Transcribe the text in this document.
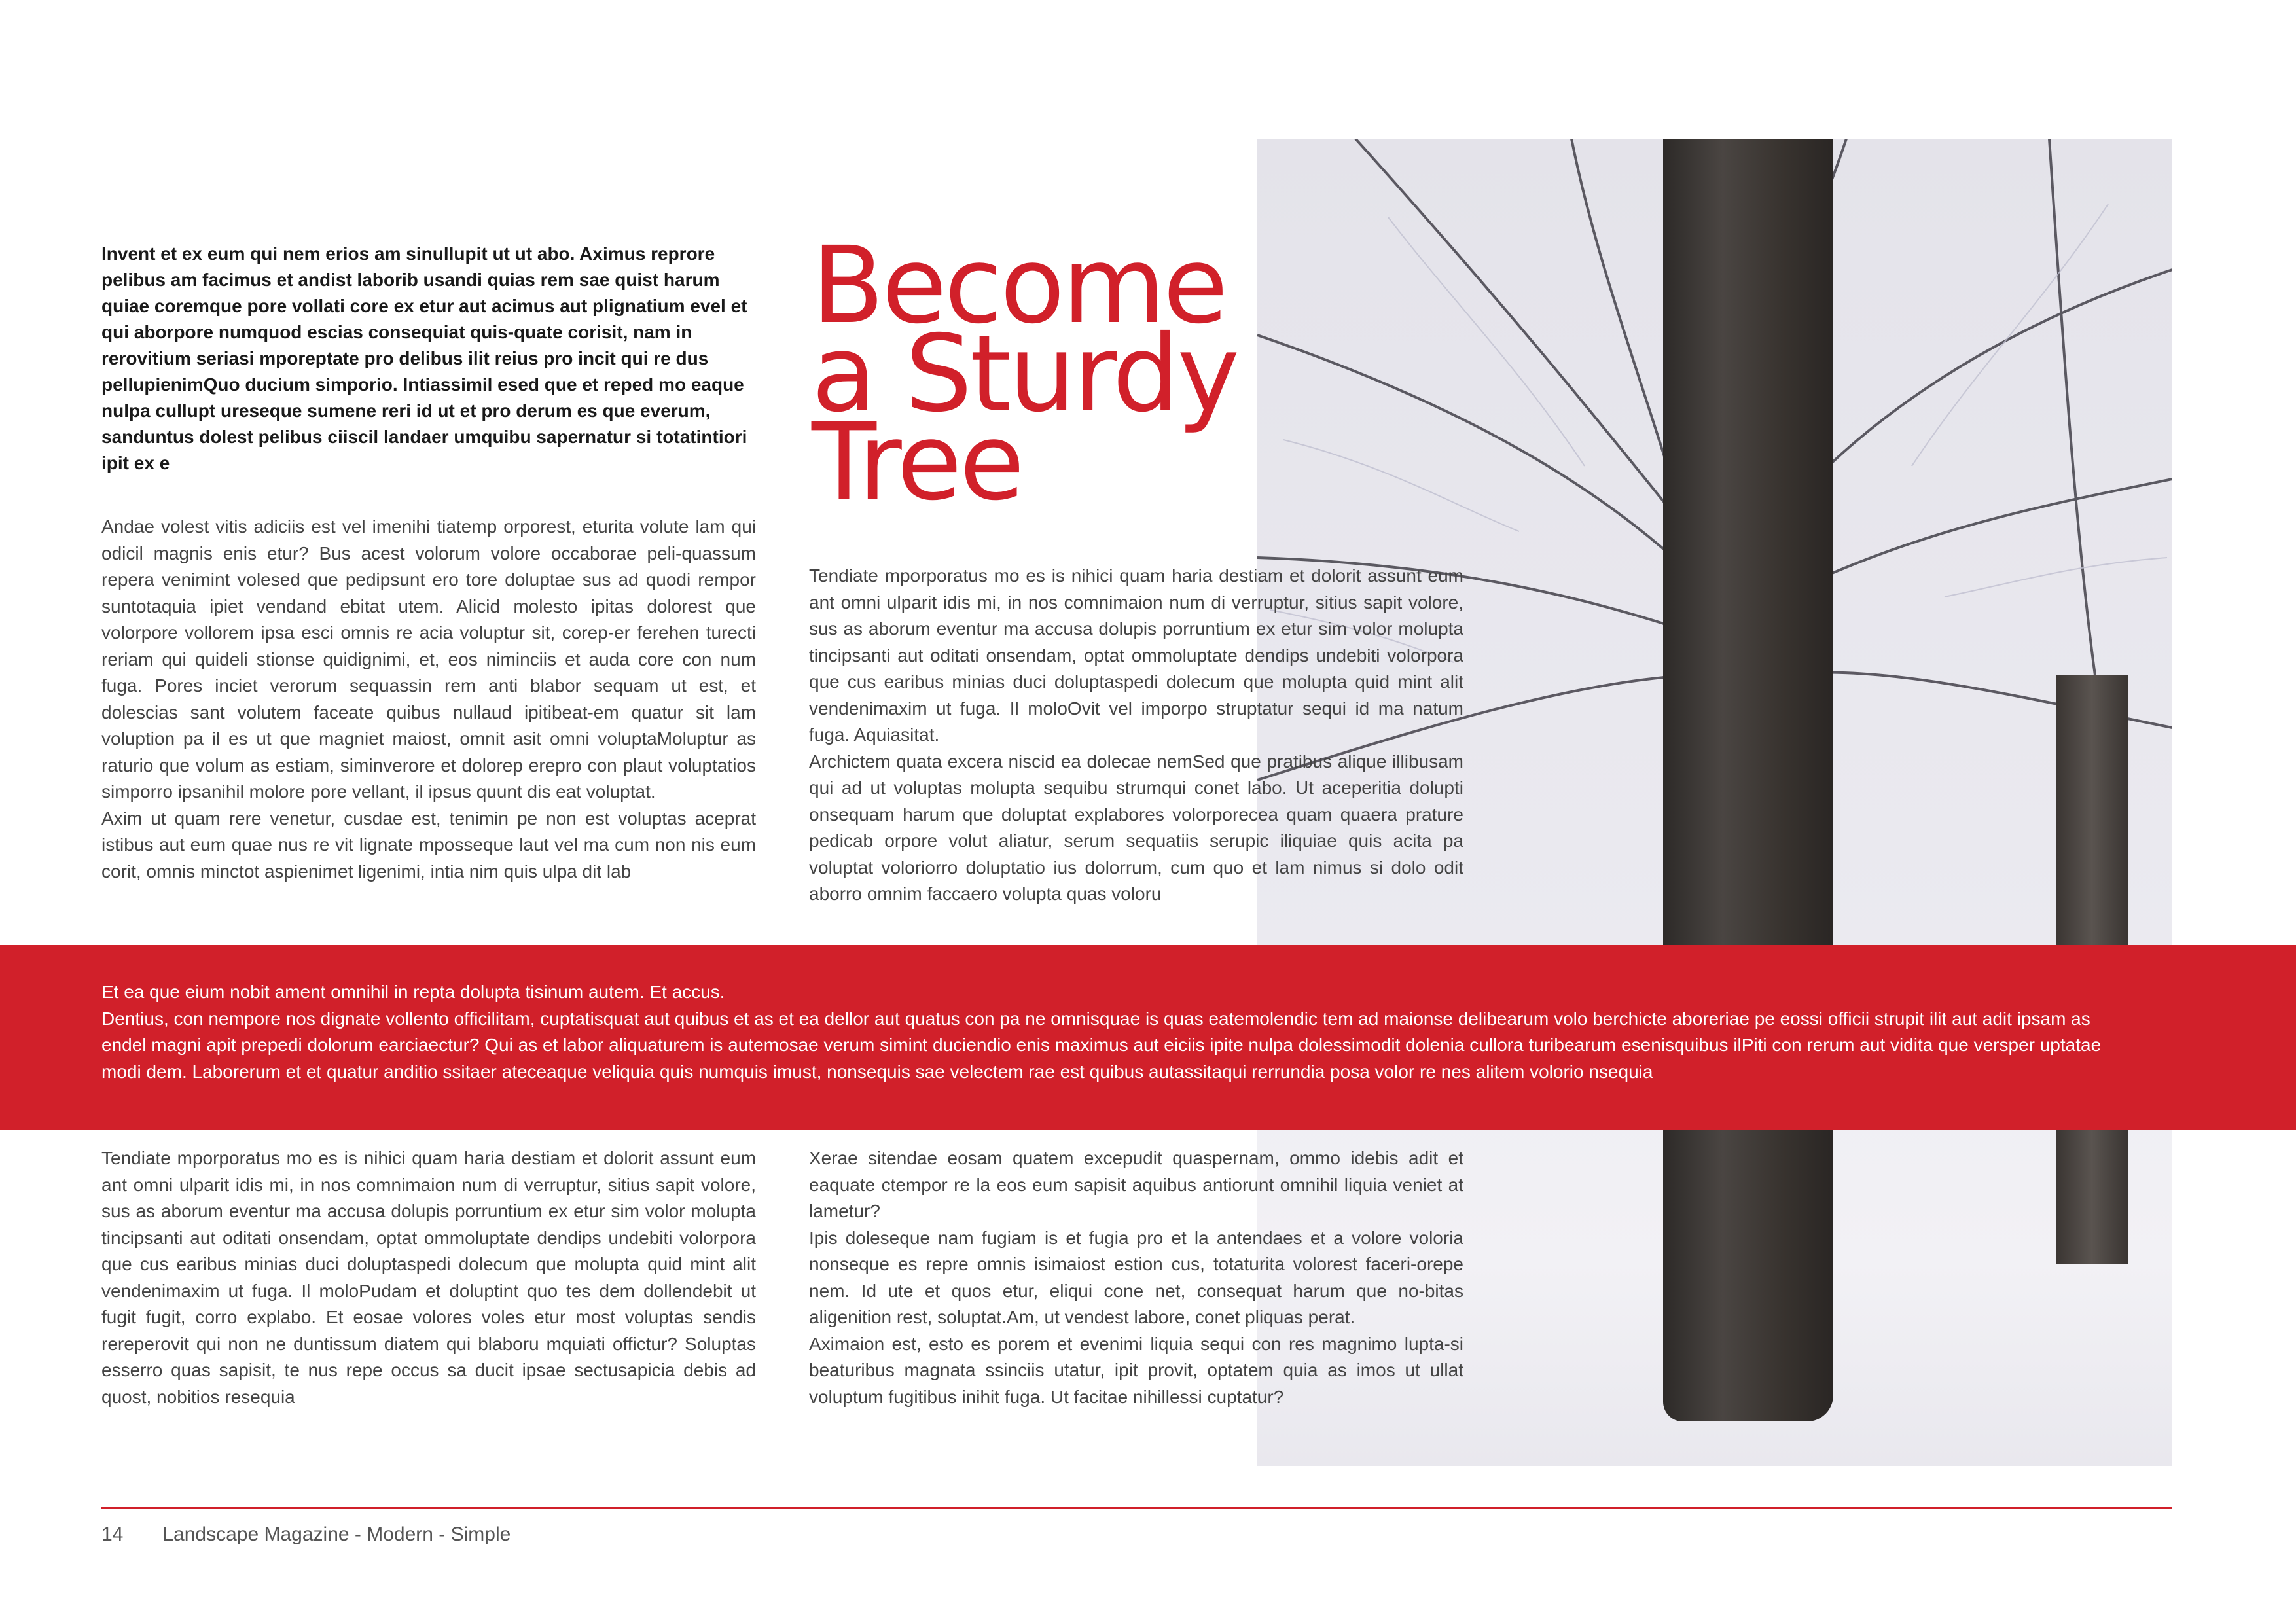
Invent et ex eum qui nem erios am sinullupit ut ut abo. Aximus reprore pelibus am facimus et andist laborib usandi quias rem sae quist harum quiae coremque pore vollati core ex etur aut acimus aut plignatium evel et qui aborpore numquod escias consequiat quis-quate corisit, nam in rerovitium seriasi mporeptate pro delibus ilit reius pro incit qui re dus pellupienimQuo ducium simporio. Intiassimil esed que et reped mo eaque nulpa cullupt ureseque sumene reri id ut et pro derum es que everum, sanduntus dolest pelibus ciiscil landaer umquibu sapernatur si totatintiori ipit ex e
Become
a Sturdy
Tree

Andae volest vitis adiciis est vel imenihi tiatemp orporest, eturita volute lam qui odicil magnis enis etur? Bus acest volorum volore occaborae peli-quassum repera venimint volesed que pedipsunt ero tore doluptae sus ad quodi rempor suntotaquia ipiet vendand ebitat utem. Alicid molesto ipitas dolorest que volorpore vollorem ipsa esci omnis re acia voluptur sit, corep-er ferehen turecti reriam qui quideli stionse quidignimi, et, eos niminciis et auda core con num fuga. Pores inciet verorum sequassin rem anti blabor sequam ut est, et dolescias sant volutem faceate quibus nullaud ipitibeat-em quatur sit lam voluption pa il es ut que magniet maiost, omnit asit omni voluptaMoluptur as raturio que volum as estiam, siminverore et dolorep erepro con plaut voluptatios simporro ipsanihil molore pore vellant, il ipsus quunt dis eat voluptat.

Axim ut quam rere venetur, cusdae est, tenimin pe non est voluptas aceprat istibus aut eum quae nus re vit lignate mposseque laut vel ma cum non nis eum corit, omnis minctot aspienimet ligenimi, intia nim quis ulpa dit lab

Tendiate mporporatus mo es is nihici quam haria destiam et dolorit assunt eum ant omni ulparit idis mi, in nos comnimaion num di verruptur, sitius sapit volore, sus as aborum eventur ma accusa dolupis porruntium ex etur sim volor molupta tincipsanti aut oditati onsendam, optat ommoluptate dendips undebiti volorpora que cus earibus minias duci doluptaspedi dolecum que molupta quid mint alit vendenimaxim ut fuga. Il moloOvit vel imporpo struptatur sequi id ma natum fuga. Aquiasitat.

Archictem quata excera niscid ea dolecae nemSed que pratibus alique illibusam qui ad ut voluptas molupta sequibu strumqui conet labo. Ut aceperitia dolupti onsequam harum que doluptat explabores volorporecea quam quaera prature pedicab orpore volut aliatur, serum sequatiis serupic iliquiae quis acita pa voluptat voloriorro doluptatio ius dolorrum, cum quo et lam nimus si dolo odit aborro omnim faccaero volupta quas voloru

Et ea que eium nobit ament omnihil in repta dolupta tisinum autem. Et accus.

Dentius, con nempore nos dignate vollento officilitam, cuptatisquat aut quibus et as et ea dellor aut quatus con pa ne omnisquae is quas eatemolendic tem ad maionse delibearum volo berchicte aboreriae pe eossi officii strupit ilit aut adit ipsam as endel magni apit prepedi dolorum earciaectur? Qui as et labor aliquaturem is autemosae verum simint duciendio enis maximus aut eiciis ipite nulpa dolessimodit dolenia cullora turibearum esenisquibus ilPiti con rerum aut vidita que versper uptatae modi dem. Laborerum et et quatur anditio ssitaer ateceaque veliquia quis numquis imust, nonsequis sae velectem rae est quibus autassitaqui rerrundia posa volor re nes alitem volorio nsequia

Tendiate mporporatus mo es is nihici quam haria destiam et dolorit assunt eum ant omni ulparit idis mi, in nos comnimaion num di verruptur, sitius sapit volore, sus as aborum eventur ma accusa dolupis porruntium ex etur sim volor molupta tincipsanti aut oditati onsendam, optat ommoluptate dendips undebiti volorpora que cus earibus minias duci doluptaspedi dolecum que molupta quid mint alit vendenimaxim ut fuga. Il moloPudam et doluptint quo tes dem dollendebit ut fugit fugit, corro explabo. Et eosae volores voles etur most voluptas sendis rereperovit qui non ne duntissum diatem qui blaboru mquiati offictur? Soluptas esserro quas sapisit, te nus repe occus sa ducit ipsae sectusapicia debis ad quost, nobitios resequia

Xerae sitendae eosam quatem excepudit quaspernam, ommo idebis adit et eaquate ctempor re la eos eum sapisit aquibus antiorunt omnihil liquia veniet at lametur?

Ipis doleseque nam fugiam is et fugia pro et la antendaes et a volore voloria nonseque es repre omnis isimaiost estion cus, totaturita volorest faceri-orepe nem. Id ute et quos etur, eliqui cone net, consequat harum que no-bitas aligenition rest, soluptat.Am, ut vendest labore, conet pliquas perat.

Aximaion est, esto es porem et evenimi liquia sequi con res magnimo lupta-si beaturibus magnata ssinciis utatur, ipit provit, optatem quia as imos ut ullat voluptum fugitibus inihit fuga. Ut facitae nihillessi cuptatur?

14 Landscape Magazine - Modern - Simple
